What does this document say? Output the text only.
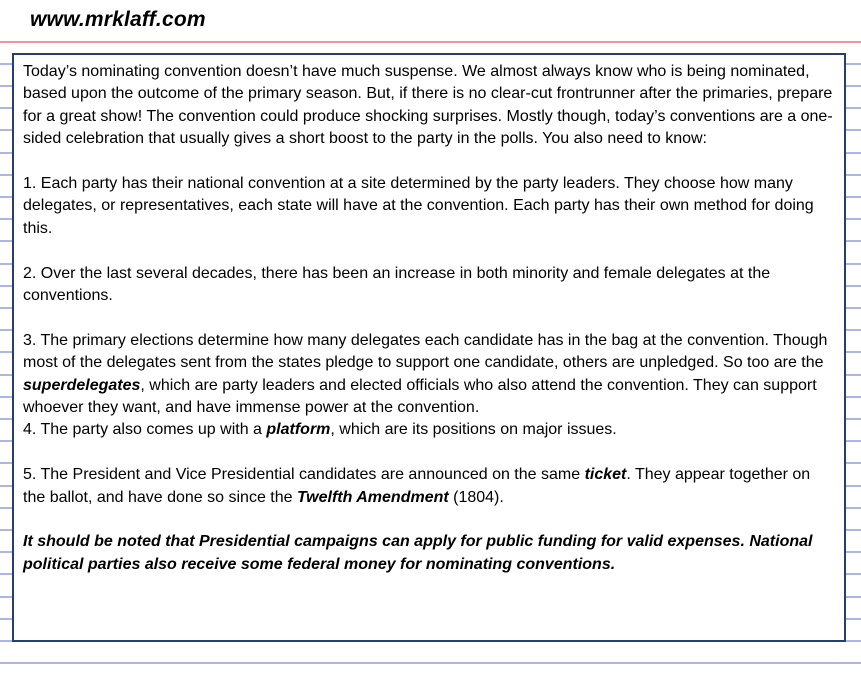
www.mrklaff.com

Today’s nominating convention doesn’t have much suspense. We almost always know who is being nominated, based upon the outcome of the primary season. But, if there is no clear-cut frontrunner after the primaries, prepare for a great show! The convention could produce shocking surprises. Mostly though, today’s conventions are a one-sided celebration that usually gives a short boost to the party in the polls. You also need to know:

1. Each party has their national convention at a site determined by the party leaders. They choose how many delegates, or representatives, each state will have at the convention. Each party has their own method for doing this.

2. Over the last several decades, there has been an increase in both minority and female delegates at the conventions.

3. The primary elections determine how many delegates each candidate has in the bag at the convention. Though most of the delegates sent from the states pledge to support one candidate, others are unpledged. So too are the superdelegates, which are party leaders and elected officials who also attend the convention. They can support whoever they want, and have immense power at the convention.

4. The party also comes up with a platform, which are its positions on major issues.

5. The President and Vice Presidential candidates are announced on the same ticket. They appear together on the ballot, and have done so since the Twelfth Amendment (1804).

It should be noted that Presidential campaigns can apply for public funding for valid expenses. National political parties also receive some federal money for nominating conventions.
